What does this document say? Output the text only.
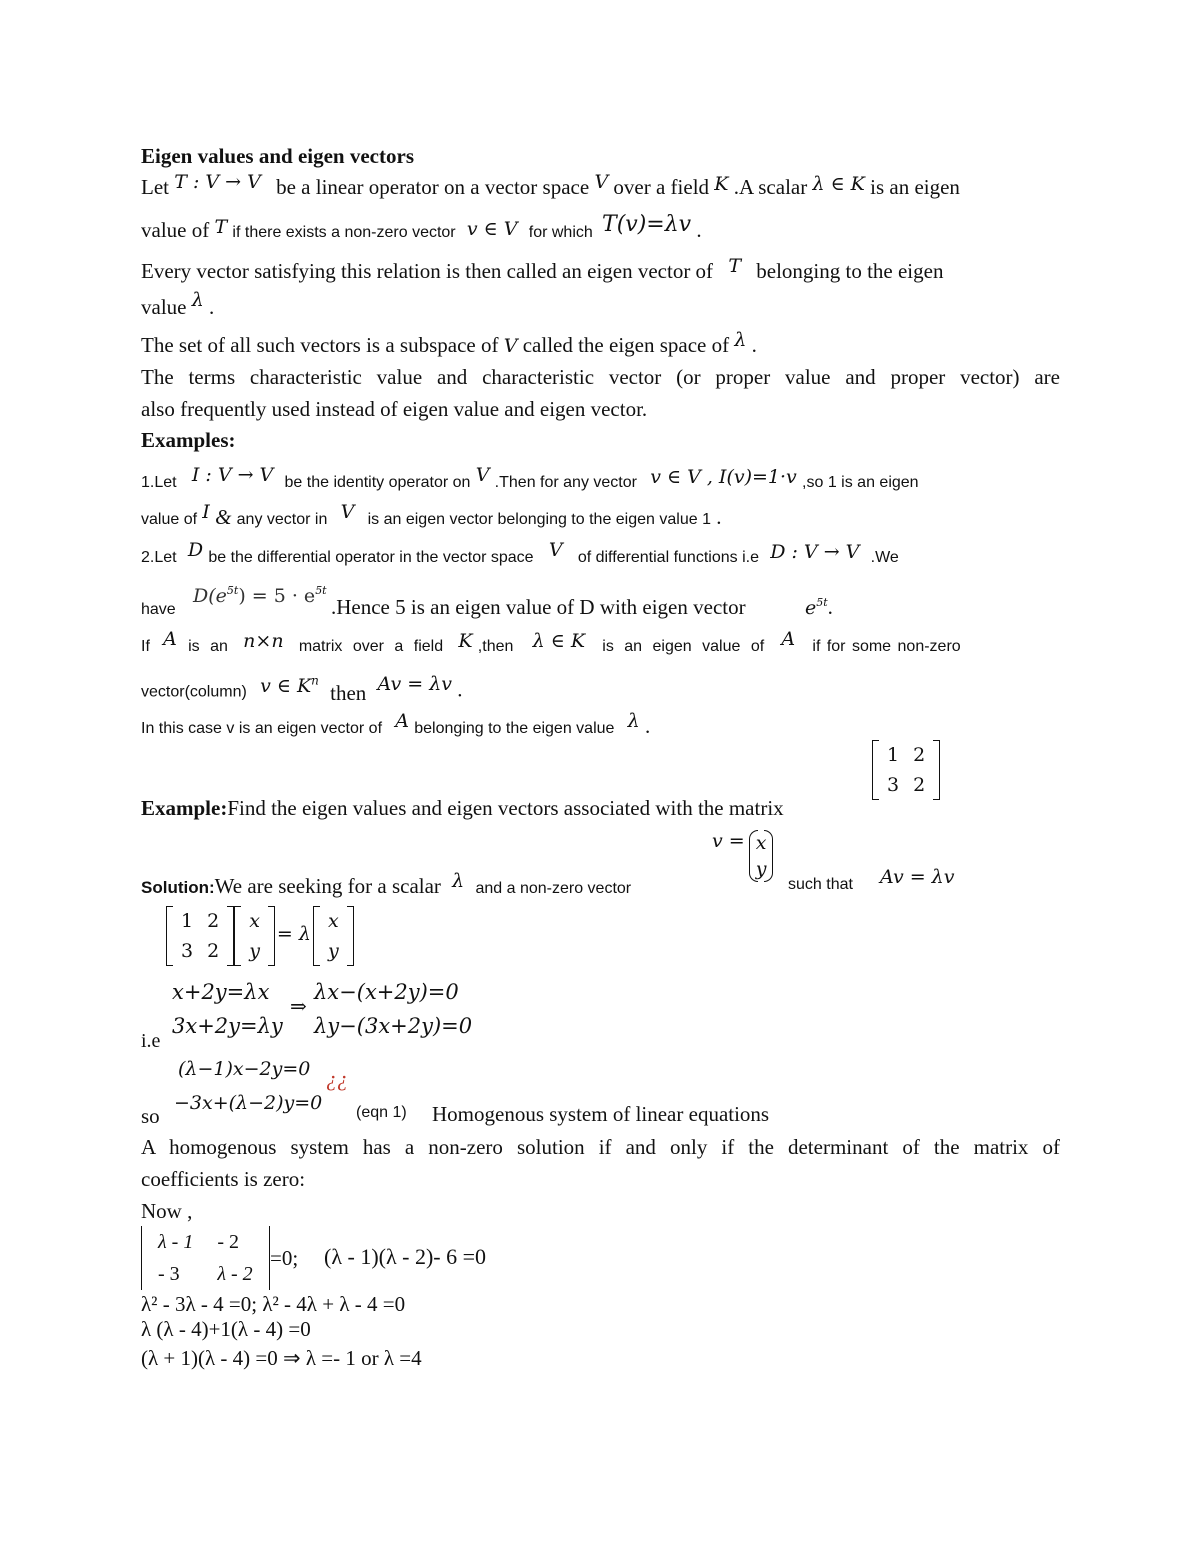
Eigen values and eigen vectors
Let T : V → V be a linear operator on a vector space V over a field K .A scalar λ ∈ K is an eigen
value of T if there exists a non-zero vector v ∈ V for which T(v)=λv .
Every vector satisfying this relation is then called an eigen vector of T belonging to the eigen
value λ .
The set of all such vectors is a subspace of V called the eigen space of λ .
The terms characteristic value and characteristic vector (or proper value and proper vector) are
also frequently used instead of eigen value and eigen vector.
Examples:
1.Let I : V → V be the identity operator on V .Then for any vector v ∈ V , I(v)=1·v ,so 1 is an eigen
value of I & any vector in V is an eigen vector belonging to the eigen value 1 .
2.Let D be the differential operator in the vector space V of differential functions i.e D : V → V .We
have
$D(e^{5t}) = 5 \cdot e^{5t}$
.Hence 5 is an eigen value of D with eigen vector	$e^{5t}$.
If A is an n×n matrix over a field K ,then λ ∈ K is an eigen value of A if for some non-zero
vector(column) v ∈ $K^n$ then Av = λv .
In this case v is an eigen vector of A belonging to the eigen value λ .
Example:Find the eigen values and eigen vectors associated with the matrix
1	2
3	2
Solution:We are seeking for a scalar λ and a non-zero vector
v = x
y
such that Av = λv
1	2
3	2
x
y
= λ
x
y
x+2y=λx
3x+2y=λy
i.e
⇒
λx−(x+2y)=0
λy−(3x+2y)=0
(λ−1)x−2y=0 ¿¿
−3x+(λ−2)y=0
so	(eqn 1) Homogenous system of linear equations
A homogenous system has a non-zero solution if and only if the determinant of the matrix of
coefficients is zero:
Now ,
λ - 1	- 2
- 3	λ - 2
=0; (λ - 1)(λ - 2)- 6 =0
λ² - 3λ - 4 =0; λ² - 4λ + λ - 4 =0
λ (λ - 4)+1(λ - 4) =0
(λ + 1)(λ - 4) =0 ⇒ λ =- 1 or λ =4
